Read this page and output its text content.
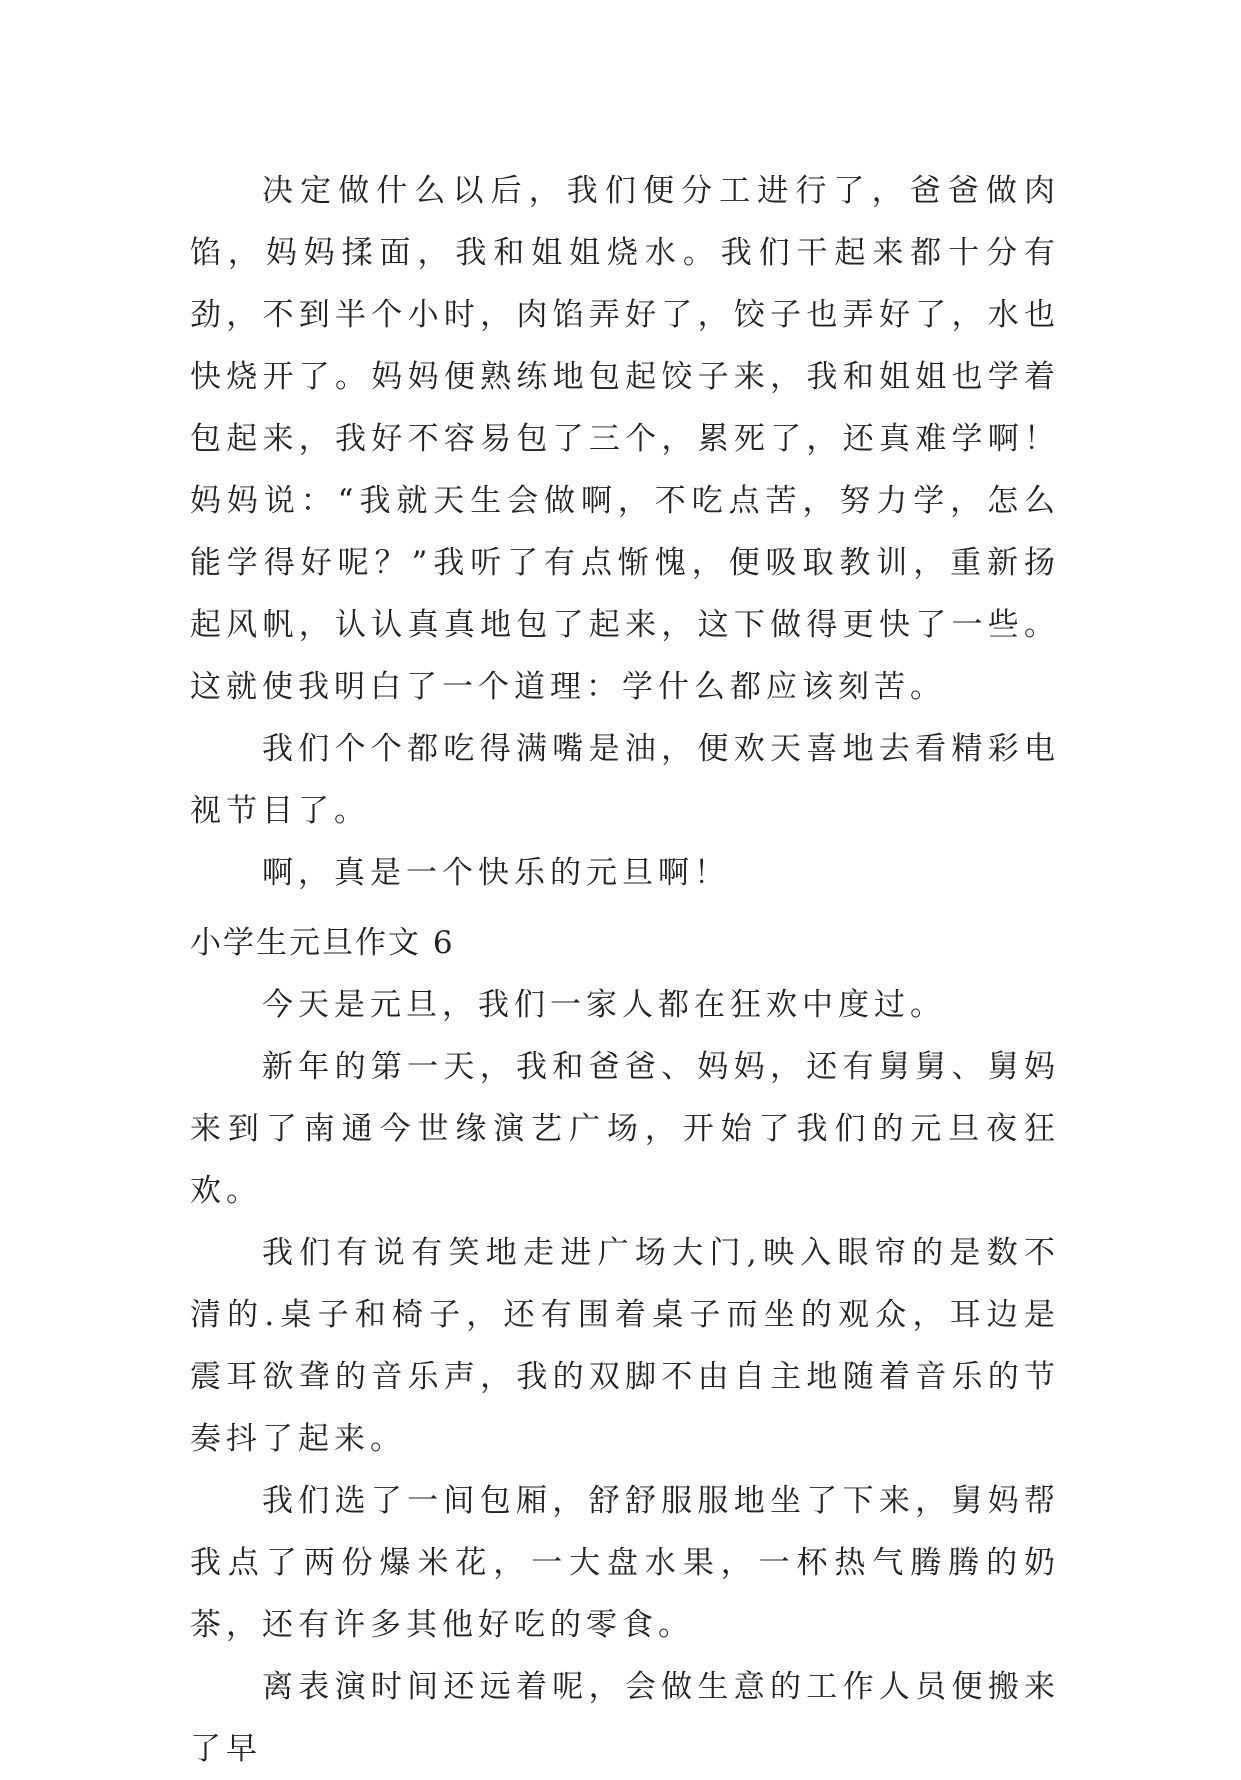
决定做什么以后，我们便分工进行了，爸爸做肉馅，妈妈揉面，我和姐姐烧水。我们干起来都十分有劲，不到半个小时，肉馅弄好了，饺子也弄好了，水也快烧开了。妈妈便熟练地包起饺子来，我和姐姐也学着包起来，我好不容易包了三个，累死了，还真难学啊！妈妈说：“我就天生会做啊，不吃点苦，努力学，怎么能学得好呢？”我听了有点惭愧，便吸取教训，重新扬起风帆，认认真真地包了起来，这下做得更快了一些。这就使我明白了一个道理：学什么都应该刻苦。

我们个个都吃得满嘴是油，便欢天喜地去看精彩电视节目了。

啊，真是一个快乐的元旦啊！

小学生元旦作文 6

今天是元旦，我们一家人都在狂欢中度过。

新年的第一天，我和爸爸、妈妈，还有舅舅、舅妈来到了南通今世缘演艺广场，开始了我们的元旦夜狂欢。

我们有说有笑地走进广场大门,映入眼帘的是数不清的.桌子和椅子，还有围着桌子而坐的观众，耳边是震耳欲聋的音乐声，我的双脚不由自主地随着音乐的节奏抖了起来。

我们选了一间包厢，舒舒服服地坐了下来，舅妈帮我点了两份爆米花，一大盘水果，一杯热气腾腾的奶茶，还有许多其他好吃的零食。

离表演时间还远着呢，会做生意的工作人员便搬来了早
